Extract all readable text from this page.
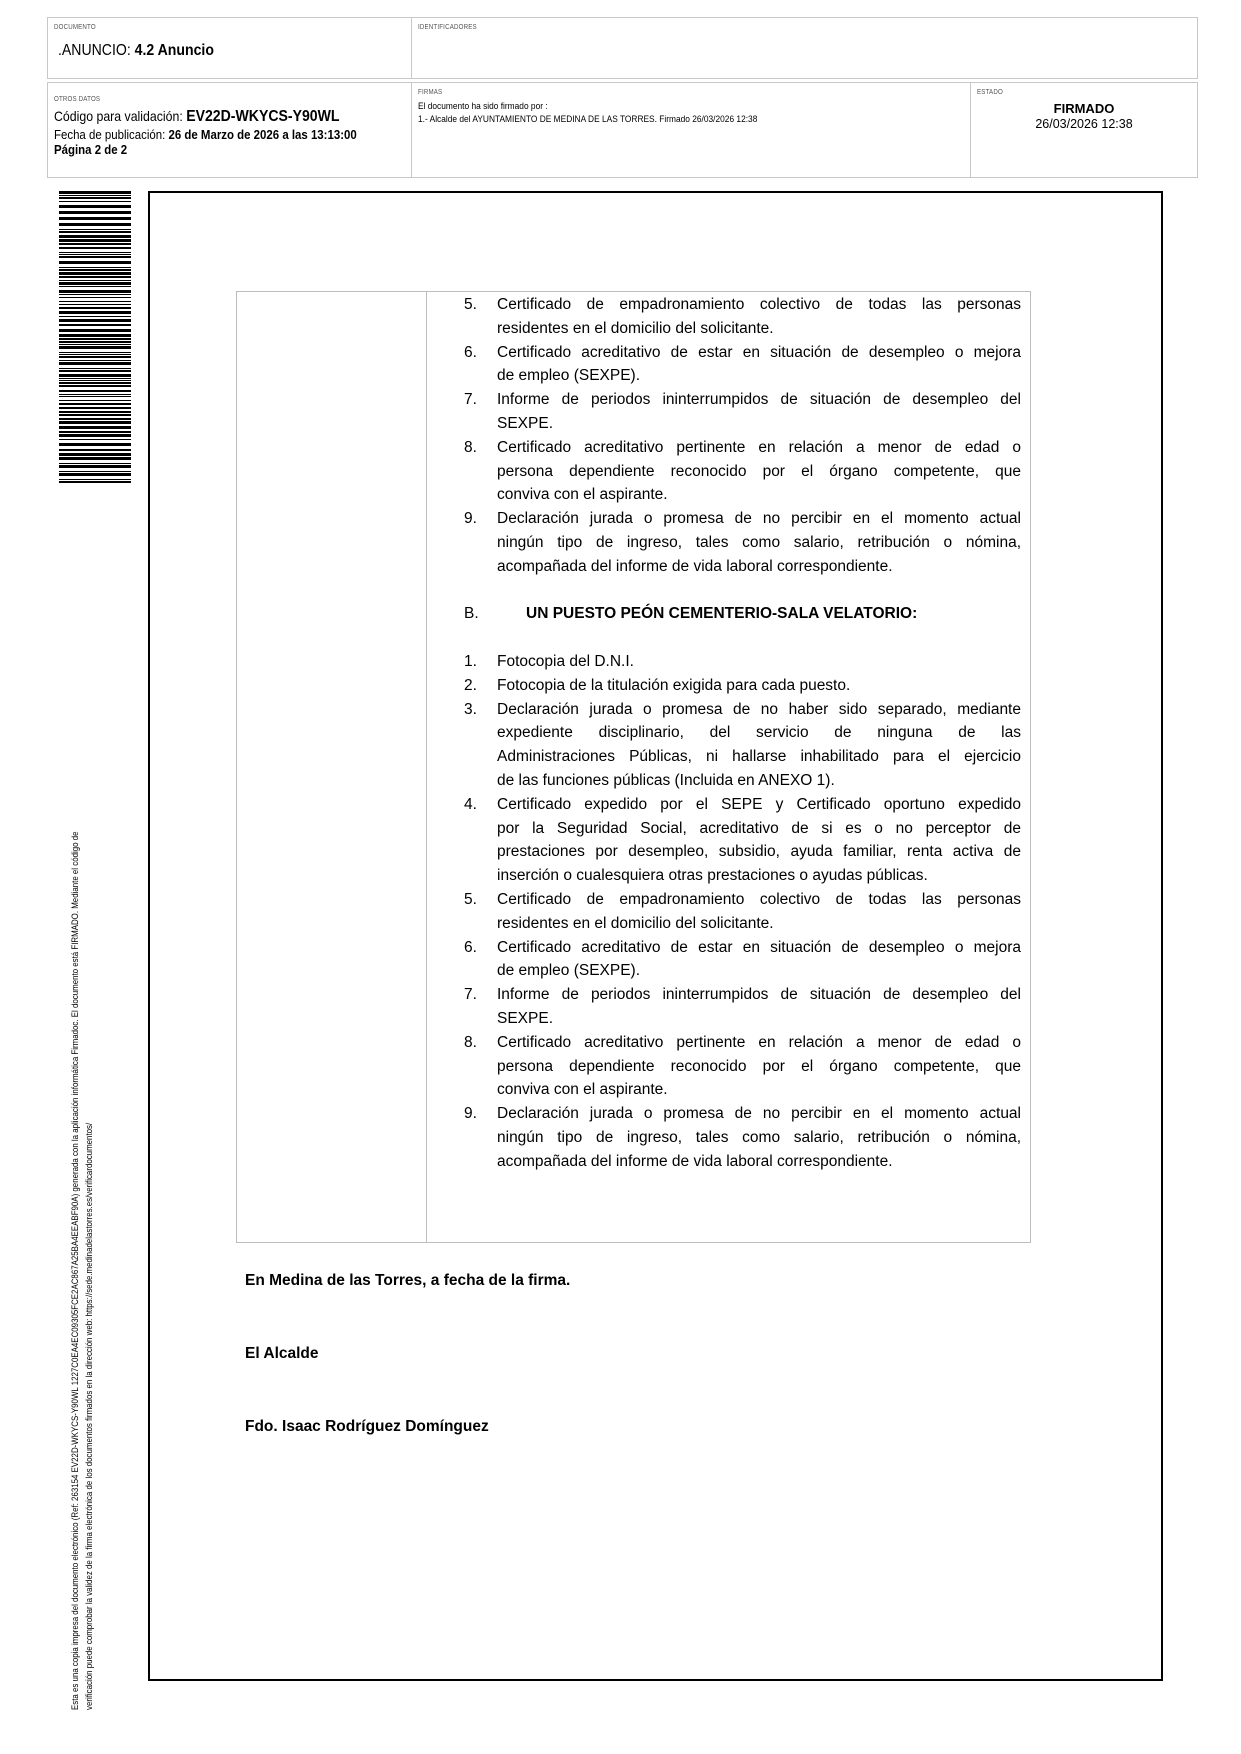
DOCUMENTO
.ANUNCIO: 4.2 Anuncio
IDENTIFICADORES
OTROS DATOS
Código para validación: EV22D-WKYCS-Y90WL
Fecha de publicación: 26 de Marzo de 2026 a las 13:13:00
Página 2 de 2
FIRMAS
El documento ha sido firmado por :
1.- Alcalde del AYUNTAMIENTO DE MEDINA DE LAS TORRES. Firmado 26/03/2026 12:38
ESTADO
FIRMADO
26/03/2026 12:38
Esta es una copia impresa del documento electrónico (Ref: 263154 EV22D-WKYCS-Y90WL 1227C0EA4EC09305FCE2AC867A25BA4EEABF90A) generada con la aplicación informática Firmadoc. El documento está FIRMADO. Mediante el código de verificación puede comprobar la validez de la firma electrónica de los documentos firmados en la dirección web: https://sede.medinadelastorres.es/verificardocumentos/
5. Certificado de empadronamiento colectivo de todas las personas
residentes en el domicilio del solicitante.
6. Certificado acreditativo de estar en situación de desempleo o mejora
de empleo (SEXPE).
7. Informe de periodos ininterrumpidos de situación de desempleo del
SEXPE.
8. Certificado acreditativo pertinente en relación a menor de edad o
persona dependiente reconocido por el órgano competente, que
conviva con el aspirante.
9. Declaración jurada o promesa de no percibir en el momento actual
ningún tipo de ingreso, tales como salario, retribución o nómina,
acompañada del informe de vida laboral correspondiente.
B.	UN PUESTO PEÓN CEMENTERIO-SALA VELATORIO:
1. Fotocopia del D.N.I.
2. Fotocopia de la titulación exigida para cada puesto.
3. Declaración jurada o promesa de no haber sido separado, mediante
expediente disciplinario, del servicio de ninguna de las
Administraciones Públicas, ni hallarse inhabilitado para el ejercicio
de las funciones públicas (Incluida en ANEXO 1).
4. Certificado expedido por el SEPE y Certificado oportuno expedido
por la Seguridad Social, acreditativo de si es o no perceptor de
prestaciones por desempleo, subsidio, ayuda familiar, renta activa de
inserción o cualesquiera otras prestaciones o ayudas públicas.
5. Certificado de empadronamiento colectivo de todas las personas
residentes en el domicilio del solicitante.
6. Certificado acreditativo de estar en situación de desempleo o mejora
de empleo (SEXPE).
7. Informe de periodos ininterrumpidos de situación de desempleo del
SEXPE.
8. Certificado acreditativo pertinente en relación a menor de edad o
persona dependiente reconocido por el órgano competente, que
conviva con el aspirante.
9. Declaración jurada o promesa de no percibir en el momento actual
ningún tipo de ingreso, tales como salario, retribución o nómina,
acompañada del informe de vida laboral correspondiente.
En Medina de las Torres, a fecha de la firma.
El Alcalde
Fdo. Isaac Rodríguez Domínguez
